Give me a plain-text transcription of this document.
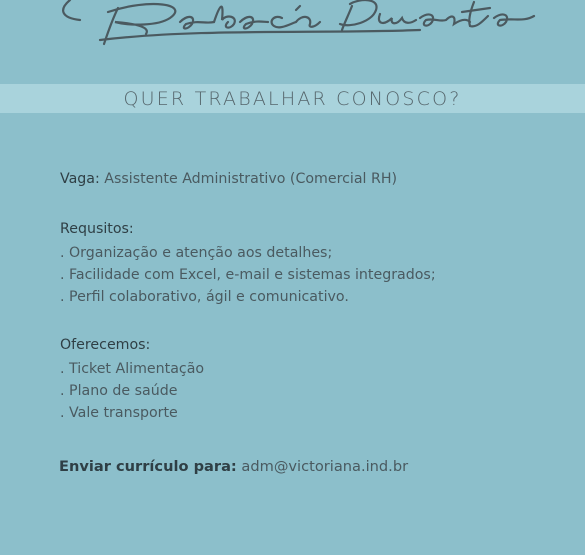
QUER TRABALHAR CONOSCO?

Vaga: Assistente Administrativo (Comercial RH)

Requsitos:

. Organização e atenção aos detalhes;
. Facilidade com Excel, e-mail e sistemas integrados;
. Perfil colaborativo, ágil e comunicativo.

Oferecemos:

. Ticket Alimentação
. Plano de saúde
. Vale transporte
Enviar currículo para: adm@victoriana.ind.br
